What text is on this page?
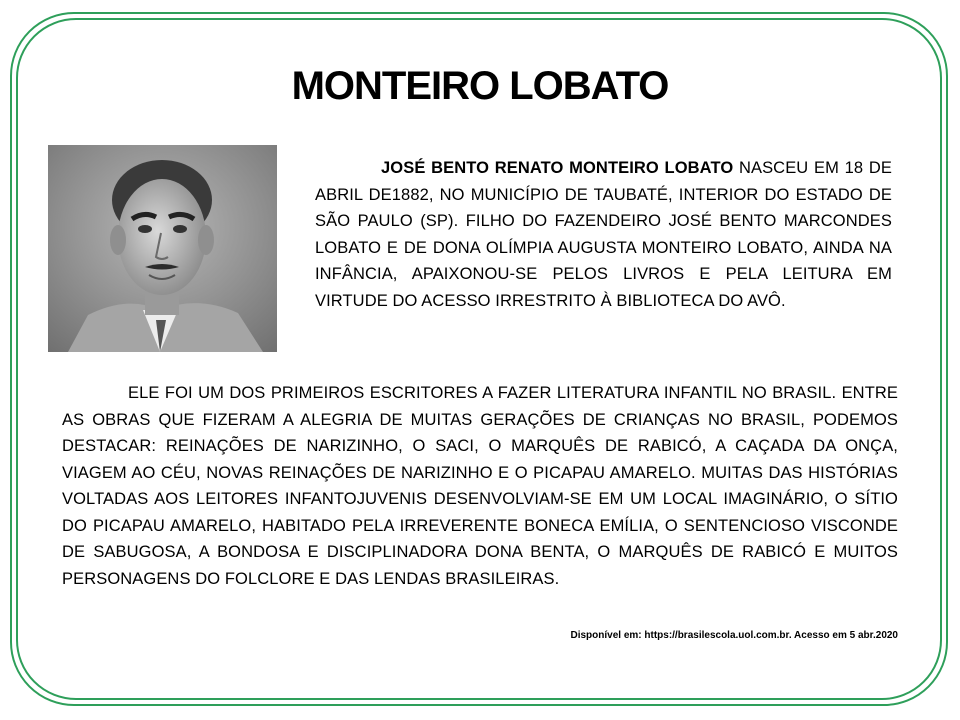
MONTEIRO LOBATO
JOSÉ BENTO RENATO MONTEIRO LOBATO NASCEU EM 18 DE ABRIL DE1882, NO MUNICÍPIO DE TAUBATÉ, INTERIOR DO ESTADO DE SÃO PAULO (SP). FILHO DO FAZENDEIRO JOSÉ BENTO MARCONDES LOBATO E DE DONA OLÍMPIA AUGUSTA MONTEIRO LOBATO, AINDA NA INFÂNCIA, APAIXONOU-SE PELOS LIVROS E PELA LEITURA EM VIRTUDE DO ACESSO IRRESTRITO À BIBLIOTECA DO AVÔ.
ELE FOI UM DOS PRIMEIROS ESCRITORES A FAZER LITERATURA INFANTIL NO BRASIL. ENTRE AS OBRAS QUE FIZERAM A ALEGRIA DE MUITAS GERAÇÕES DE CRIANÇAS NO BRASIL, PODEMOS DESTACAR: REINAÇÕES DE NARIZINHO, O SACI, O MARQUÊS DE RABICÓ, A CAÇADA DA ONÇA, VIAGEM AO CÉU, NOVAS REINAÇÕES DE NARIZINHO E O PICAPAU AMARELO. MUITAS DAS HISTÓRIAS VOLTADAS AOS LEITORES INFANTOJUVENIS DESENVOLVIAM-SE EM UM LOCAL IMAGINÁRIO, O SÍTIO DO PICAPAU AMARELO, HABITADO PELA IRREVERENTE BONECA EMÍLIA, O SENTENCIOSO VISCONDE DE SABUGOSA, A BONDOSA E DISCIPLINADORA DONA BENTA, O MARQUÊS DE RABICÓ E MUITOS PERSONAGENS DO FOLCLORE E DAS LENDAS BRASILEIRAS.
Disponível em: https://brasilescola.uol.com.br. Acesso em 5 abr.2020
